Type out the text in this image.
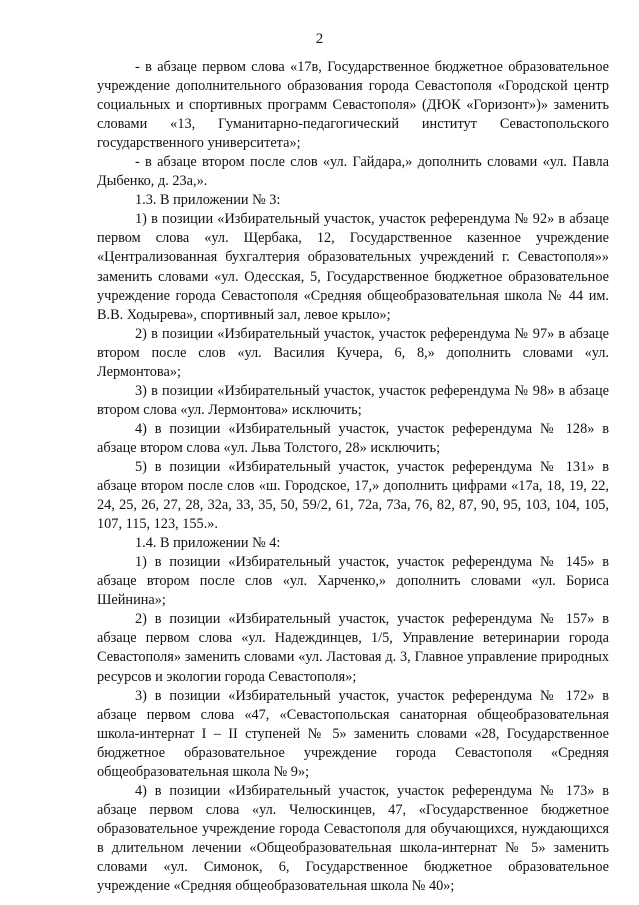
2

- в абзаце первом слова «17в, Государственное бюджетное образовательное учреждение дополнительного образования города Севастополя «Городской центр социальных и спортивных программ Севастополя» (ДЮК «Горизонт»)» заменить словами «13, Гуманитарно-педагогический институт Севастопольского государственного университета»;

- в абзаце втором после слов «ул. Гайдара,» дополнить словами «ул. Павла Дыбенко, д. 23а,».

1.3. В приложении № 3:

1) в позиции «Избирательный участок, участок референдума № 92» в абзаце первом слова «ул. Щербака, 12, Государственное казенное учреждение «Централизованная бухгалтерия образовательных учреждений г. Севастополя»» заменить словами «ул. Одесская, 5, Государственное бюджетное образовательное учреждение города Севастополя «Средняя общеобразовательная школа № 44 им. В.В. Ходырева», спортивный зал, левое крыло»;

2) в позиции «Избирательный участок, участок референдума № 97» в абзаце втором после слов «ул. Василия Кучера, 6, 8,» дополнить словами «ул. Лермонтова»;

3) в позиции «Избирательный участок, участок референдума № 98» в абзаце втором слова «ул. Лермонтова» исключить;

4) в позиции «Избирательный участок, участок референдума № 128» в абзаце втором слова «ул. Льва Толстого, 28» исключить;

5) в позиции «Избирательный участок, участок референдума № 131» в абзаце втором после слов «ш. Городское, 17,» дополнить цифрами «17а, 18, 19, 22, 24, 25, 26, 27, 28, 32а, 33, 35, 50, 59/2, 61, 72а, 73а, 76, 82, 87, 90, 95, 103, 104, 105, 107, 115, 123, 155.».

1.4. В приложении № 4:

1) в позиции «Избирательный участок, участок референдума № 145» в абзаце втором после слов «ул. Харченко,» дополнить словами «ул. Бориса Шейнина»;

2) в позиции «Избирательный участок, участок референдума № 157» в абзаце первом слова «ул. Надеждинцев, 1/5, Управление ветеринарии города Севастополя» заменить словами «ул. Ластовая д. 3, Главное управление природных ресурсов и экологии города Севастополя»;

3) в позиции «Избирательный участок, участок референдума № 172» в абзаце первом слова «47, «Севастопольская санаторная общеобразовательная школа-интернат I – II ступеней № 5» заменить словами «28, Государственное бюджетное образовательное учреждение города Севастополя «Средняя общеобразовательная школа № 9»;

4) в позиции «Избирательный участок, участок референдума № 173» в абзаце первом слова «ул. Челюскинцев, 47, «Государственное бюджетное образовательное учреждение города Севастополя для обучающихся, нуждающихся в длительном лечении «Общеобразовательная школа-интернат № 5» заменить словами «ул. Симонок, 6, Государственное бюджетное образовательное учреждение «Средняя общеобразовательная школа № 40»;
